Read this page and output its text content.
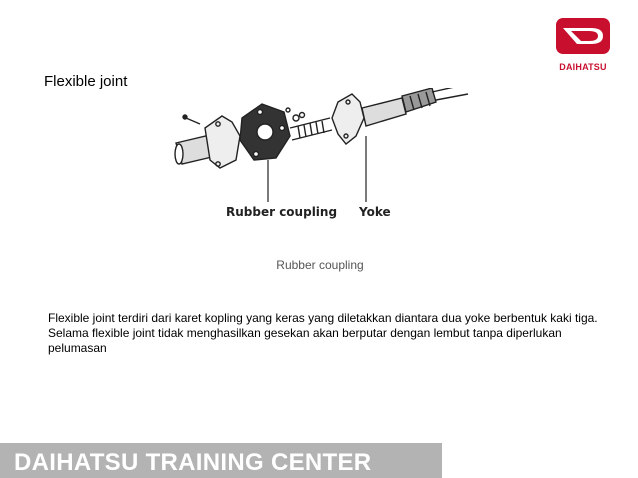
DAIHATSU
Flexible joint
Rubber coupling Yoke
Rubber coupling

Flexible joint terdiri dari karet kopling yang keras yang diletakkan diantara dua yoke berbentuk kaki tiga.

Selama flexible joint tidak menghasilkan gesekan akan berputar dengan lembut tanpa diperlukan pelumasan

DAIHATSU TRAINING CENTER
